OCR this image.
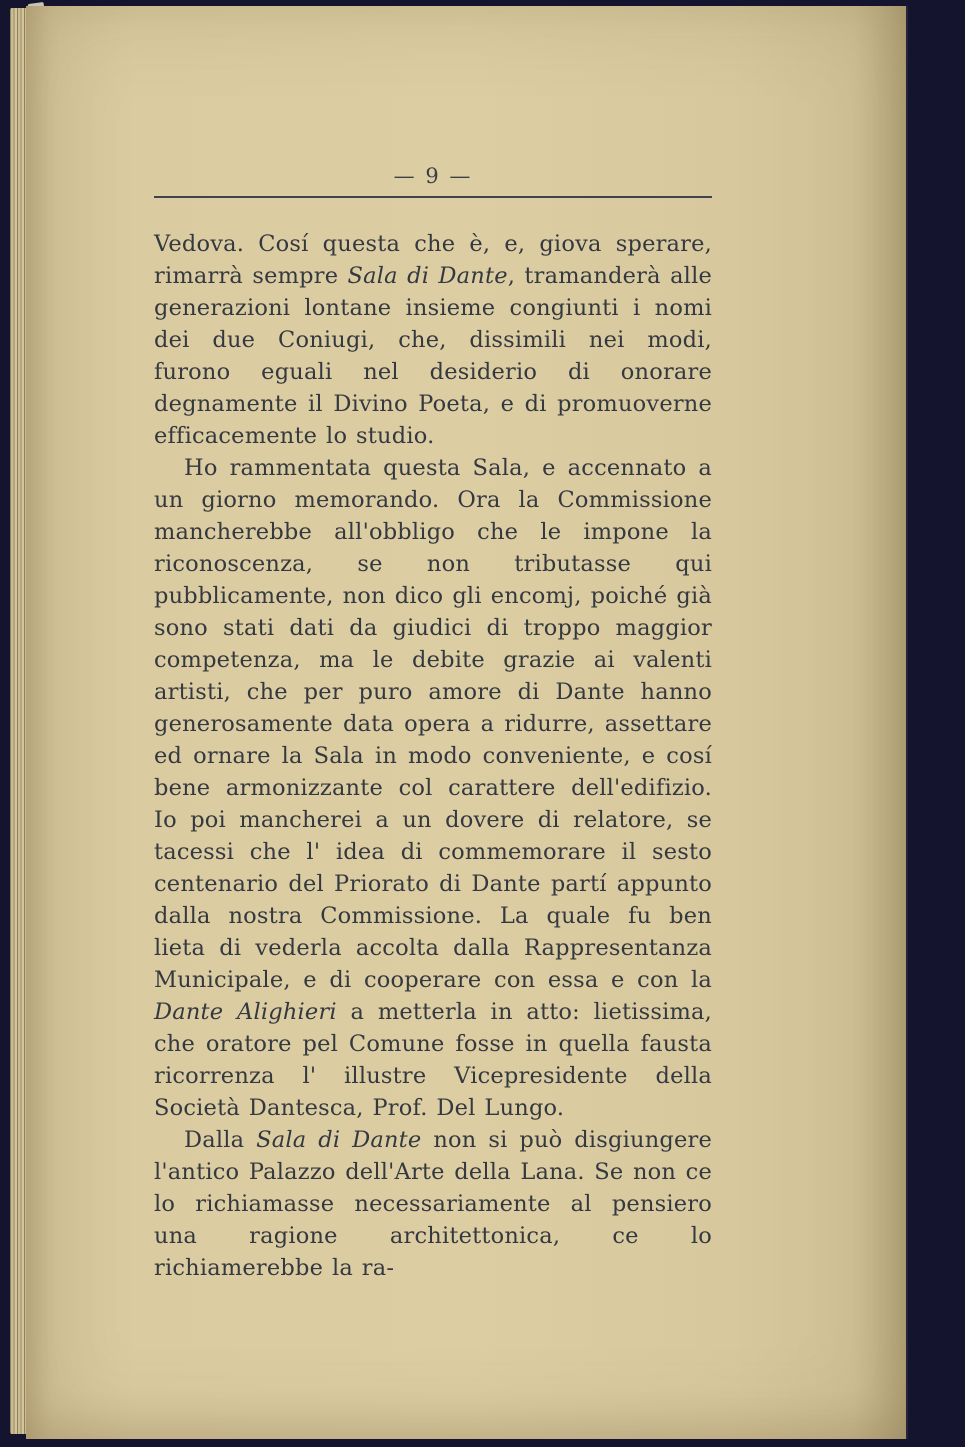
— 9 —

Vedova. Cosí questa che è, e, giova sperare, rimarrà sempre Sala di Dante, tramanderà alle generazioni lontane insieme congiunti i nomi dei due Coniugi, che, dissimili nei modi, furono eguali nel desiderio di onorare degnamente il Divino Poeta, e di promuoverne efficacemente lo studio.

Ho rammentata questa Sala, e accennato a un giorno memorando. Ora la Commissione mancherebbe all'obbligo che le impone la riconoscenza, se non tributasse qui pubblicamente, non dico gli encomj, poiché già sono stati dati da giudici di troppo maggior competenza, ma le debite grazie ai valenti artisti, che per puro amore di Dante hanno generosamente data opera a ridurre, assettare ed ornare la Sala in modo conveniente, e cosí bene armonizzante col carattere dell'edifizio. Io poi mancherei a un dovere di relatore, se tacessi che l' idea di commemorare il sesto centenario del Priorato di Dante partí appunto dalla nostra Commissione. La quale fu ben lieta di vederla accolta dalla Rappresentanza Municipale, e di cooperare con essa e con la Dante Alighieri a metterla in atto: lietissima, che oratore pel Comune fosse in quella fausta ricorrenza l' illustre Vicepresidente della Società Dantesca, Prof. Del Lungo.

Dalla Sala di Dante non si può disgiungere l'antico Palazzo dell'Arte della Lana. Se non ce lo richiamasse necessariamente al pensiero una ragione architettonica, ce lo richiamerebbe la ra-
